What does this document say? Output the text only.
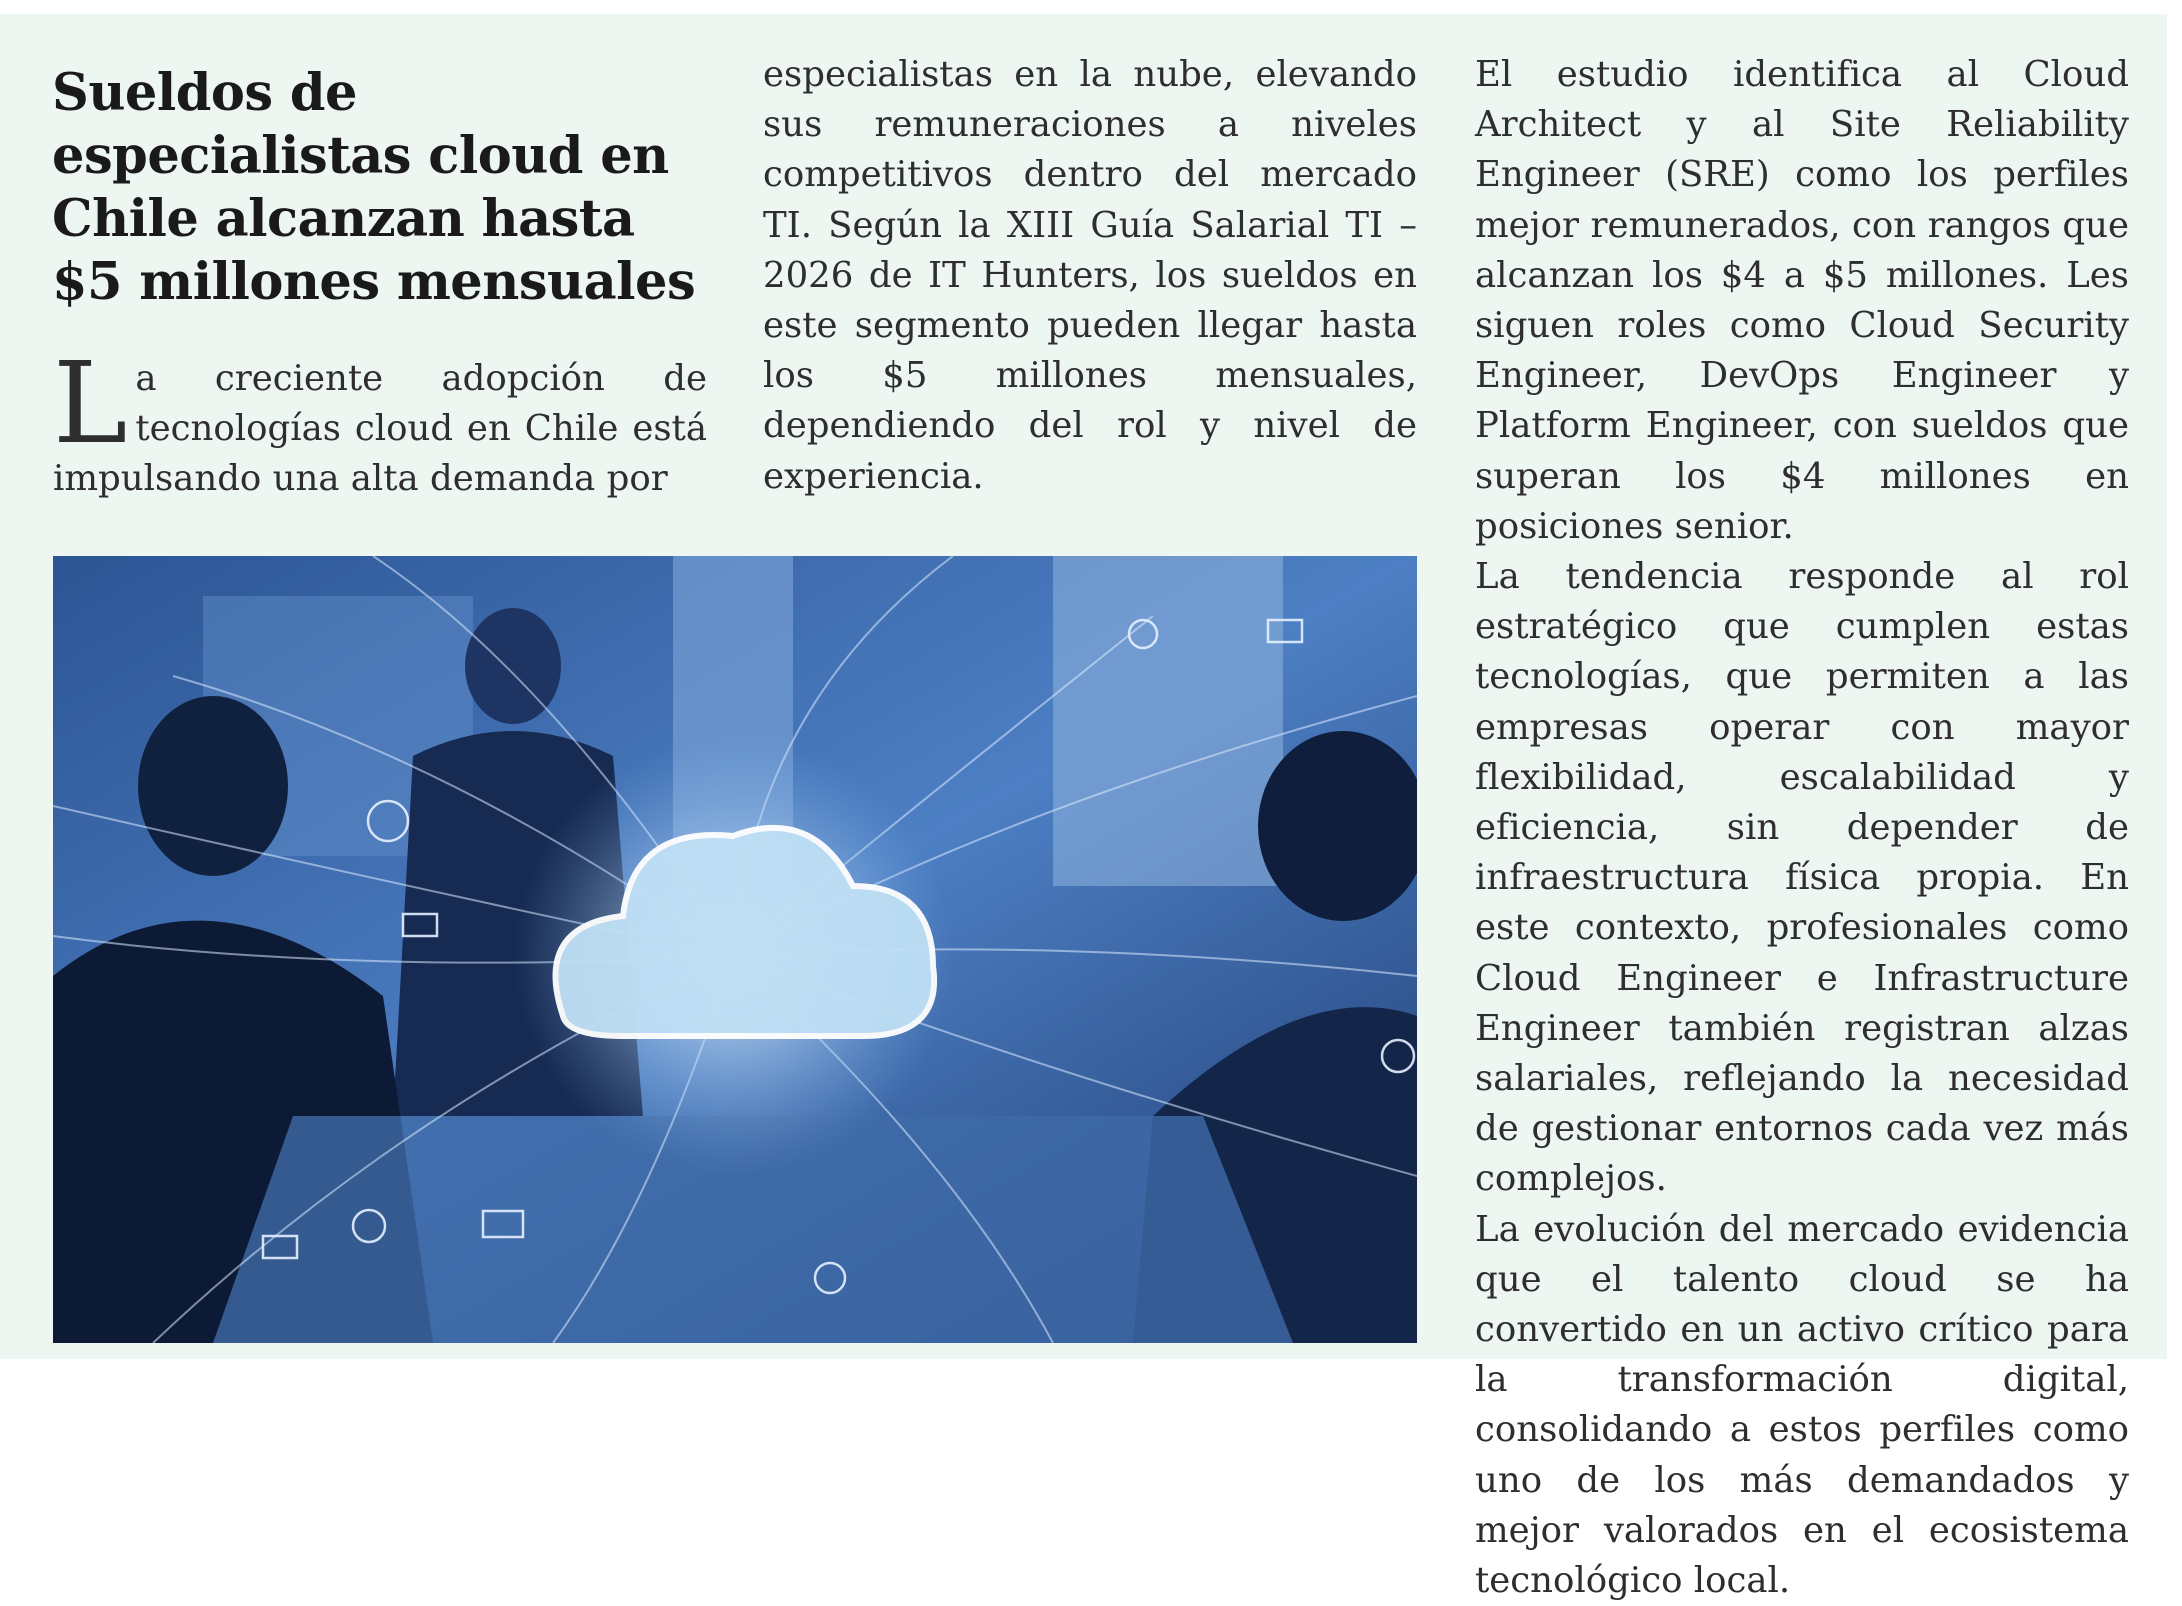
Sueldos de especialistas cloud en Chile alcanzan hasta $5 millones mensuales

La creciente adopción de tecnologías cloud en Chile está impulsando una alta demanda por

especialistas en la nube, elevando sus remuneraciones a niveles competitivos dentro del mercado TI. Según la XIII Guía Salarial TI – 2026 de IT Hunters, los sueldos en este segmento pueden llegar hasta los $5 millones mensuales, dependiendo del rol y nivel de experiencia.

El estudio identifica al Cloud Architect y al Site Reliability Engineer (SRE) como los perfiles mejor remunerados, con rangos que alcanzan los $4 a $5 millones. Les siguen roles como Cloud Security Engineer, DevOps Engineer y Platform Engineer, con sueldos que superan los $4 millones en posiciones senior.

La tendencia responde al rol estratégico que cumplen estas tecnologías, que permiten a las empresas operar con mayor flexibilidad, escalabilidad y eficiencia, sin depender de infraestructura física propia. En este contexto, profesionales como Cloud Engineer e Infrastructure Engineer también registran alzas salariales, reflejando la necesidad de gestionar entornos cada vez más complejos.

La evolución del mercado evidencia que el talento cloud se ha convertido en un activo crítico para la transformación digital, consolidando a estos perfiles como uno de los más demandados y mejor valorados en el ecosistema tecnológico local.
